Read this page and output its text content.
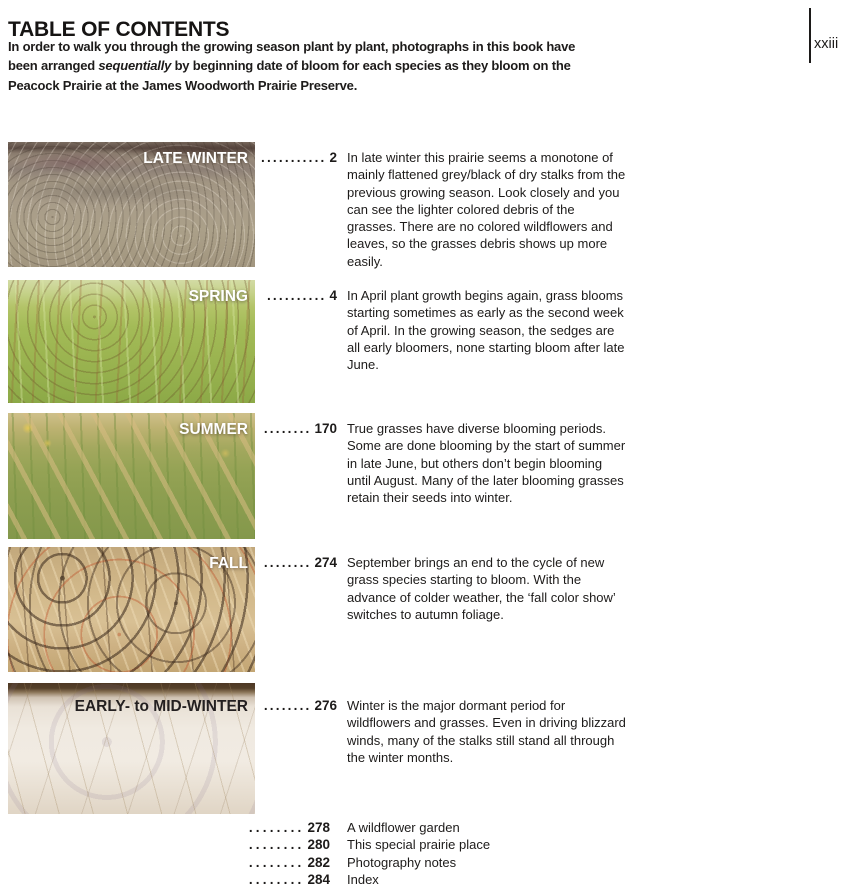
TABLE OF CONTENTS
In order to walk you through the growing season plant by plant, photographs in this book have
been arranged sequentially by beginning date of bloom for each species as they bloom on the
Peacock Prairie at the James Woodworth Prairie Preserve.
xxiii
LATE WINTER ........... 2 In late winter this prairie seems a monotone of mainly flattened grey/black of dry stalks from the previous growing season. Look closely and you can see the lighter colored debris of the grasses. There are no colored wildflowers and leaves, so the grasses debris shows up more easily.

SPRING	.......... 4 In April plant growth begins again, grass blooms starting sometimes as early as the second week of April. In the growing season, the sedges are all early bloomers, none starting bloom after late June.

SUMMER	........ 170 True grasses have diverse blooming periods. Some are done blooming by the start of summer in late June, but others don’t begin blooming until August. Many of the later blooming grasses retain their seeds into winter.

FALL	........ 274 September brings an end to the cycle of new grass species starting to bloom. With the advance of colder weather, the ‘fall color show’ switches to autumn foliage.

EARLY- to MID-WINTER	........ 276 Winter is the major dormant period for wildflowers and grasses. Even in driving blizzard winds, many of the stalks still stand all through the winter months.

........ 278 A wildflower garden
........ 280 This special prairie place
........ 282 Photography notes
........ 284 Index
